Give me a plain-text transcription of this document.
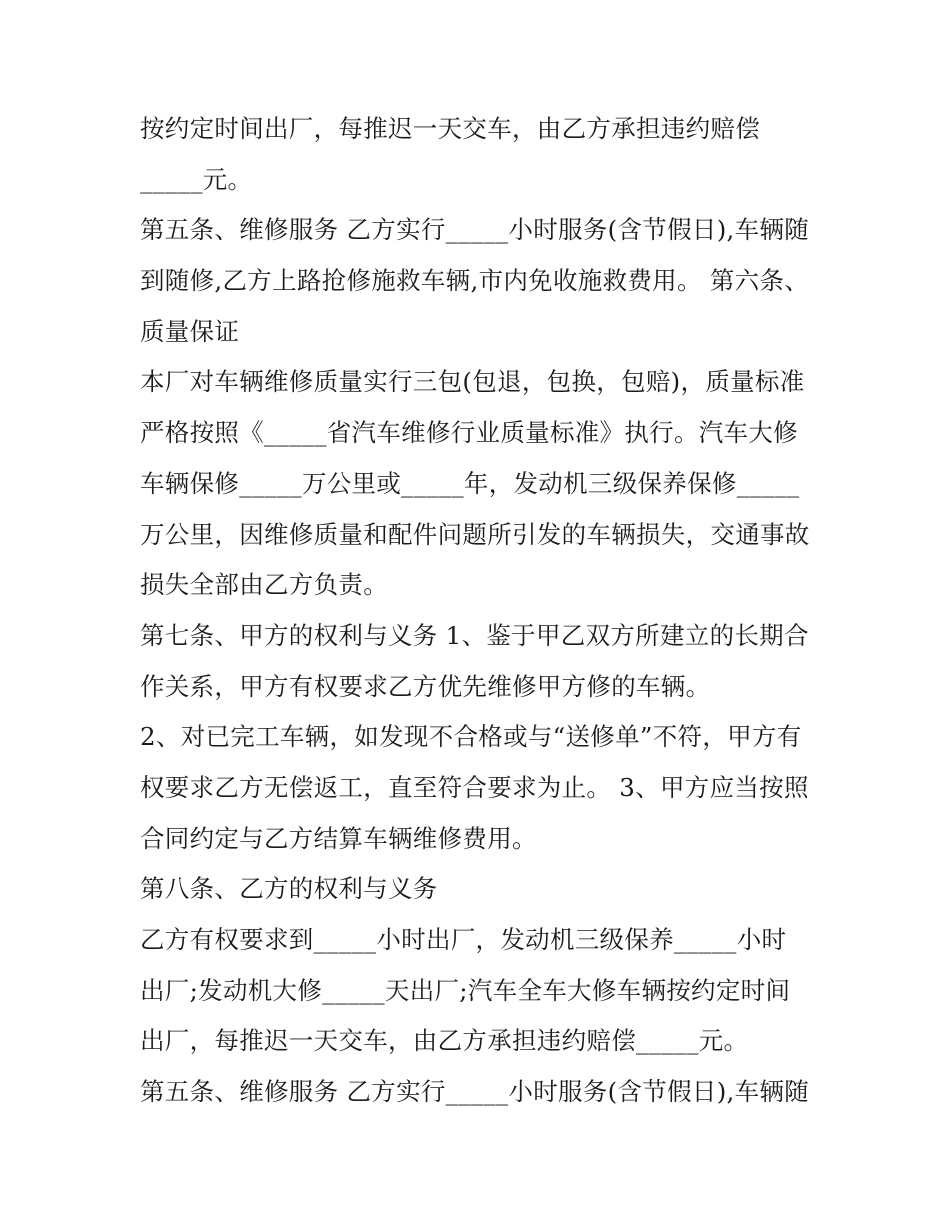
按约定时间出厂，每推迟一天交车，由乙方承担违约赔偿
_____元。
第五条、维修服务 乙方实行_____小时服务(含节假日),车辆随
到随修,乙方上路抢修施救车辆,市内免收施救费用。 第六条、
质量保证
本厂对车辆维修质量实行三包(包退，包换，包赔)，质量标准
严格按照《_____省汽车维修行业质量标准》执行。汽车大修
车辆保修_____万公里或_____年，发动机三级保养保修_____
万公里，因维修质量和配件问题所引发的车辆损失，交通事故
损失全部由乙方负责。
第七条、甲方的权利与义务 1、鉴于甲乙双方所建立的长期合
作关系，甲方有权要求乙方优先维修甲方修的车辆。
2、对已完工车辆，如发现不合格或与“送修单”不符，甲方有
权要求乙方无偿返工，直至符合要求为止。 3、甲方应当按照
合同约定与乙方结算车辆维修费用。
第八条、乙方的权利与义务
乙方有权要求到_____小时出厂，发动机三级保养_____小时
出厂;发动机大修_____天出厂;汽车全车大修车辆按约定时间
出厂，每推迟一天交车，由乙方承担违约赔偿_____元。
第五条、维修服务 乙方实行_____小时服务(含节假日),车辆随
